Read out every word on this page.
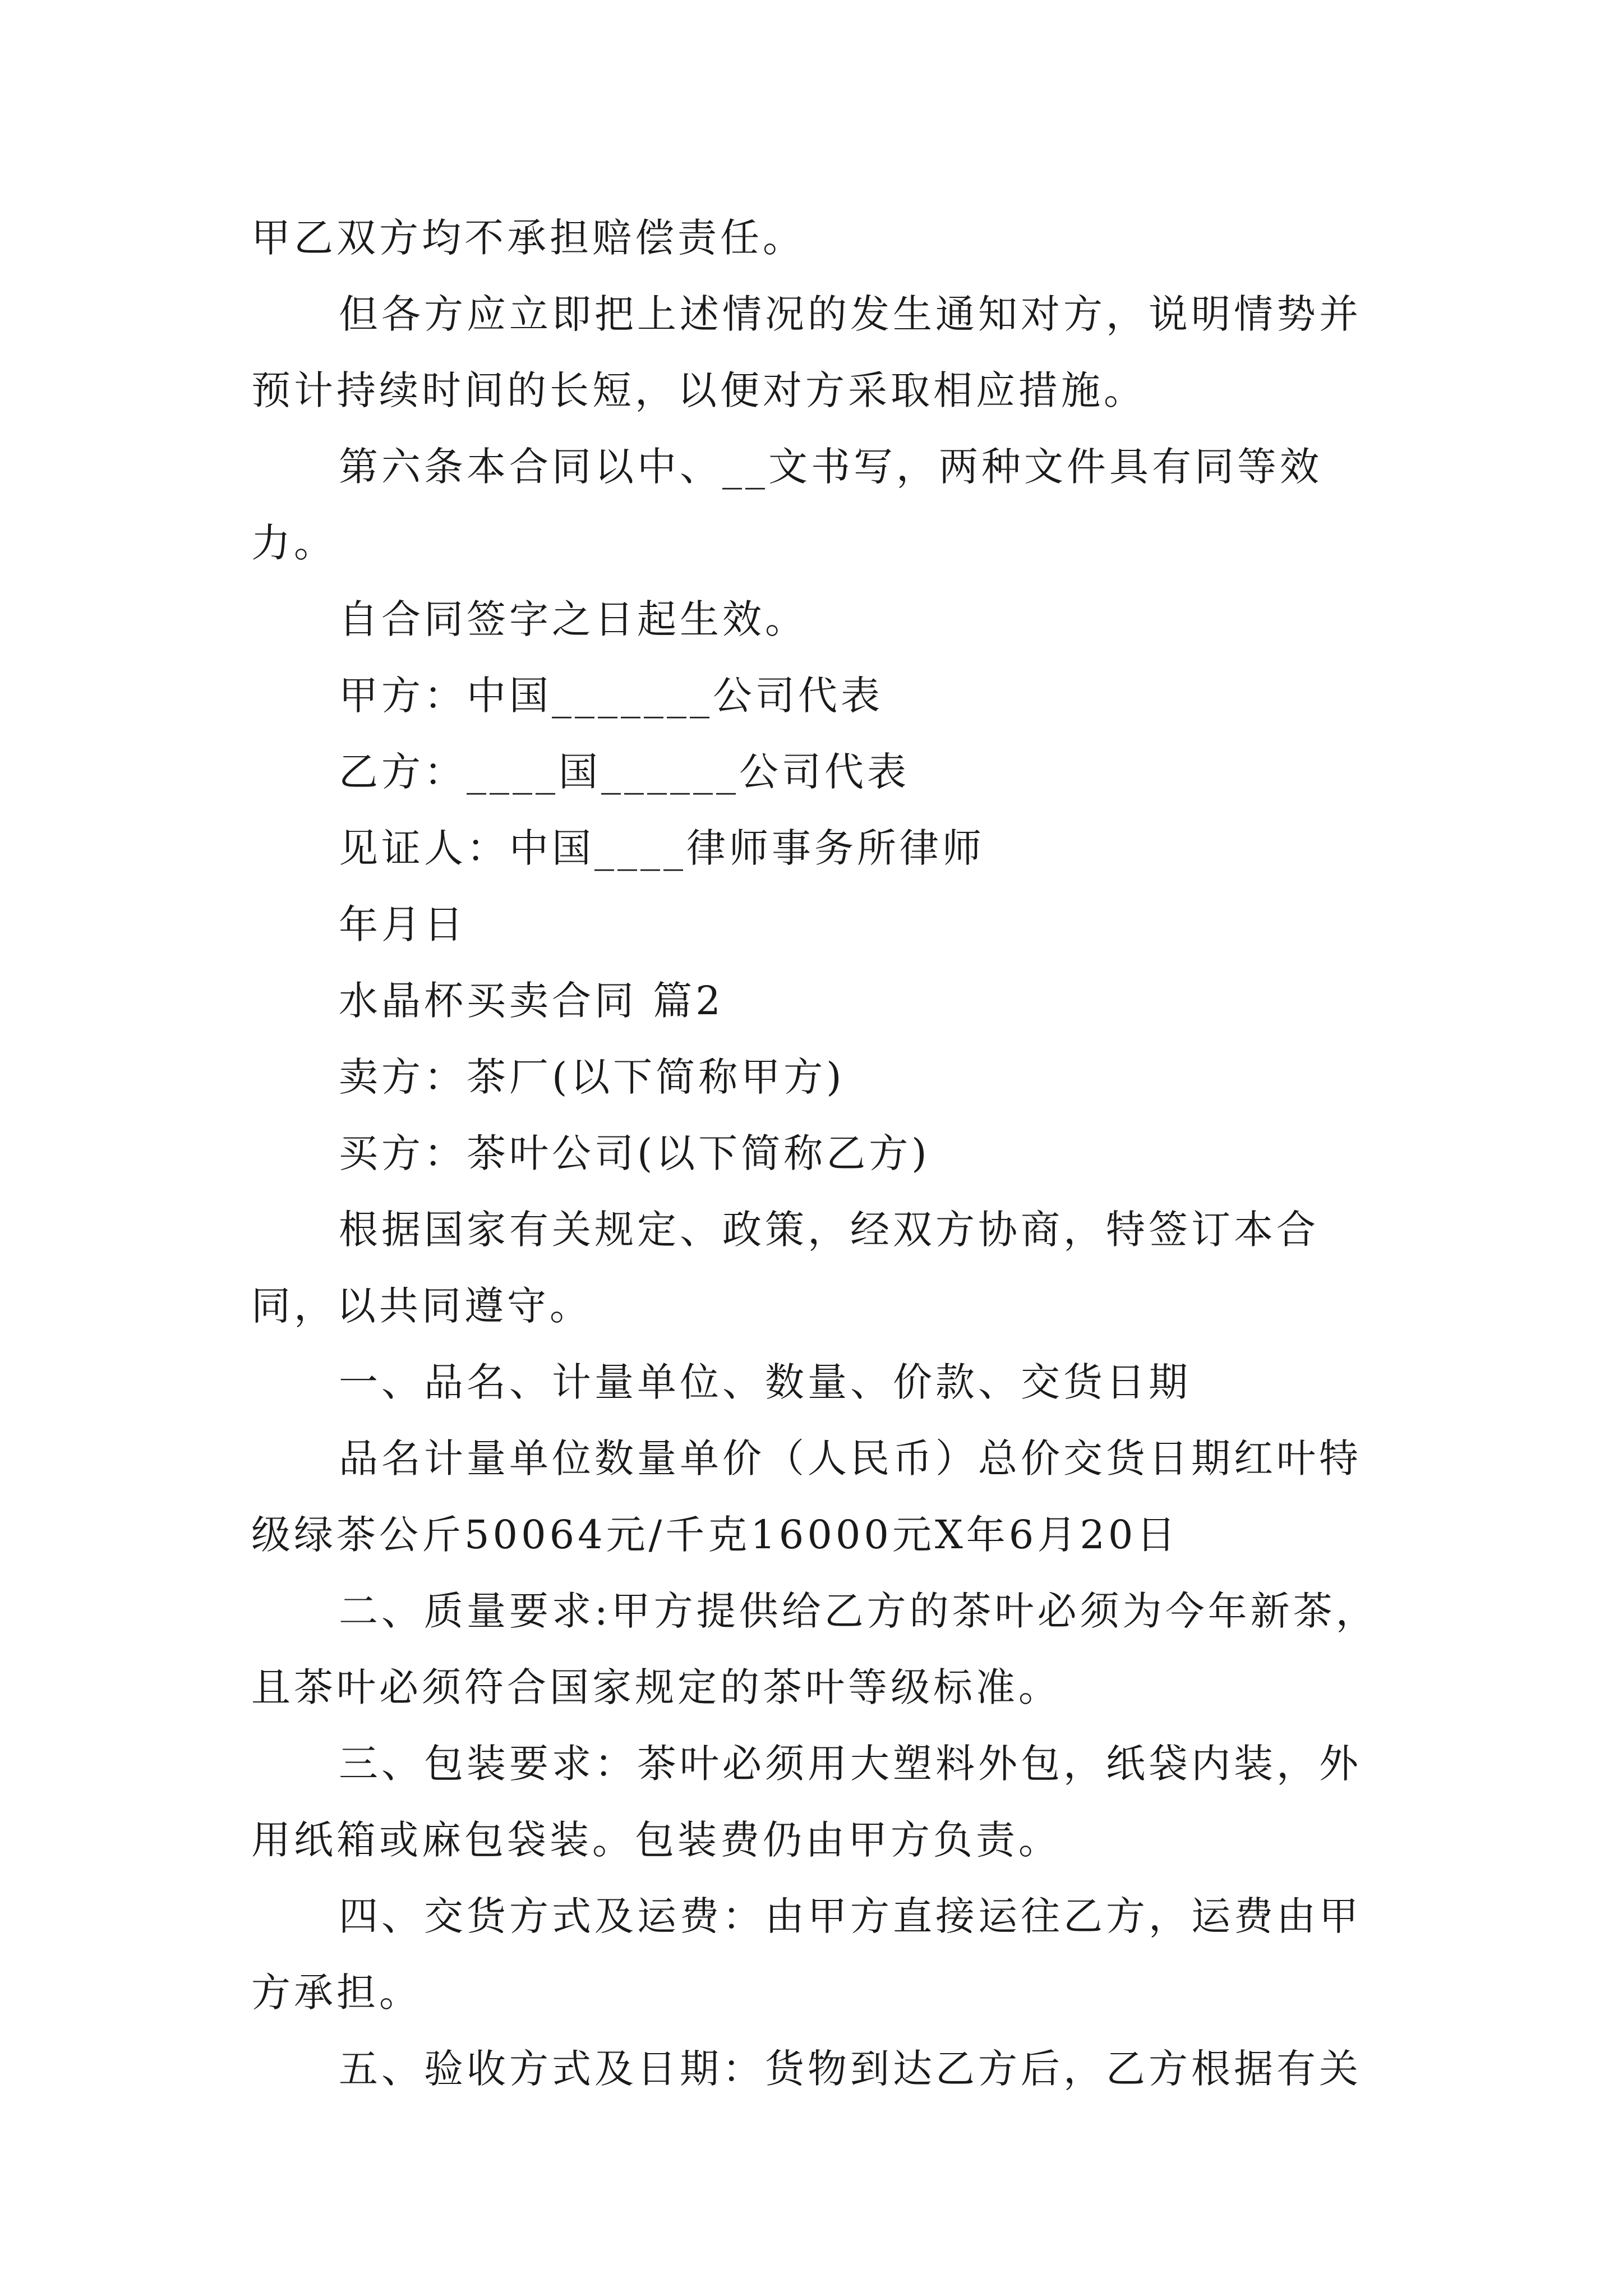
甲乙双方均不承担赔偿责任。

但各方应立即把上述情况的发生通知对方，说明情势并预计持续时间的长短，以便对方采取相应措施。

第六条本合同以中、__文书写，两种文件具有同等效力。

自合同签字之日起生效。

甲方：中国_______公司代表

乙方：____国______公司代表

见证人：中国____律师事务所律师

年月日

水晶杯买卖合同 篇2

卖方：茶厂(以下简称甲方)

买方：茶叶公司(以下简称乙方)

根据国家有关规定、政策，经双方协商，特签订本合同，以共同遵守。

一、品名、计量单位、数量、价款、交货日期

品名计量单位数量单价（人民币）总价交货日期红叶特级绿茶公斤50064元/千克16000元X年6月20日

二、质量要求:甲方提供给乙方的茶叶必须为今年新茶，且茶叶必须符合国家规定的茶叶等级标准。

三、包装要求：茶叶必须用大塑料外包，纸袋内装，外用纸箱或麻包袋装。包装费仍由甲方负责。

四、交货方式及运费：由甲方直接运往乙方，运费由甲方承担。

五、验收方式及日期：货物到达乙方后，乙方根据有关
